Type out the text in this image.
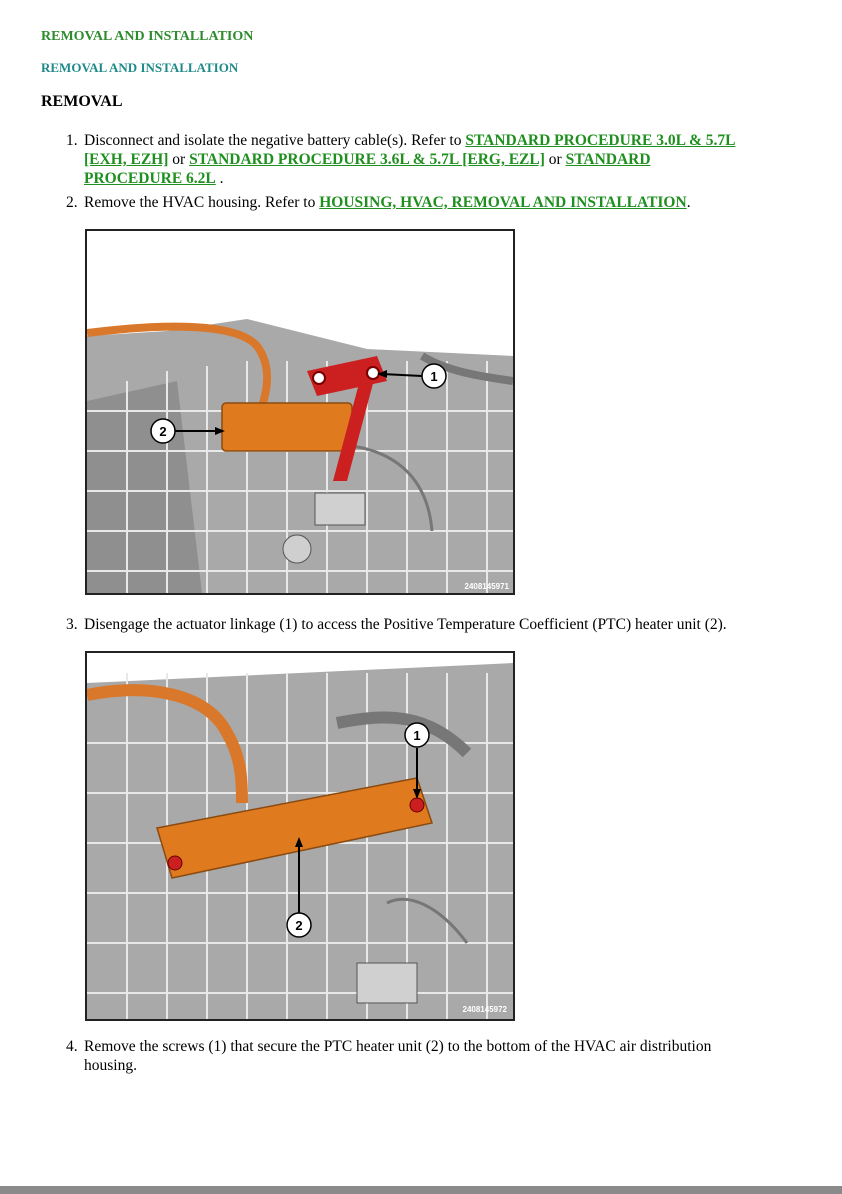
REMOVAL AND INSTALLATION
REMOVAL AND INSTALLATION
REMOVAL
1. Disconnect and isolate the negative battery cable(s). Refer to STANDARD PROCEDURE 3.0L & 5.7L
[EXH, EZH] or STANDARD PROCEDURE 3.6L & 5.7L [ERG, EZL] or STANDARD
PROCEDURE 6.2L .
2. Remove the HVAC housing. Refer to HOUSING, HVAC, REMOVAL AND INSTALLATION.
1
2
2408145971
3. Disengage the actuator linkage (1) to access the Positive Temperature Coefficient (PTC) heater unit (2).
1
2
2408145972
4. Remove the screws (1) that secure the PTC heater unit (2) to the bottom of the HVAC air distribution
housing.
